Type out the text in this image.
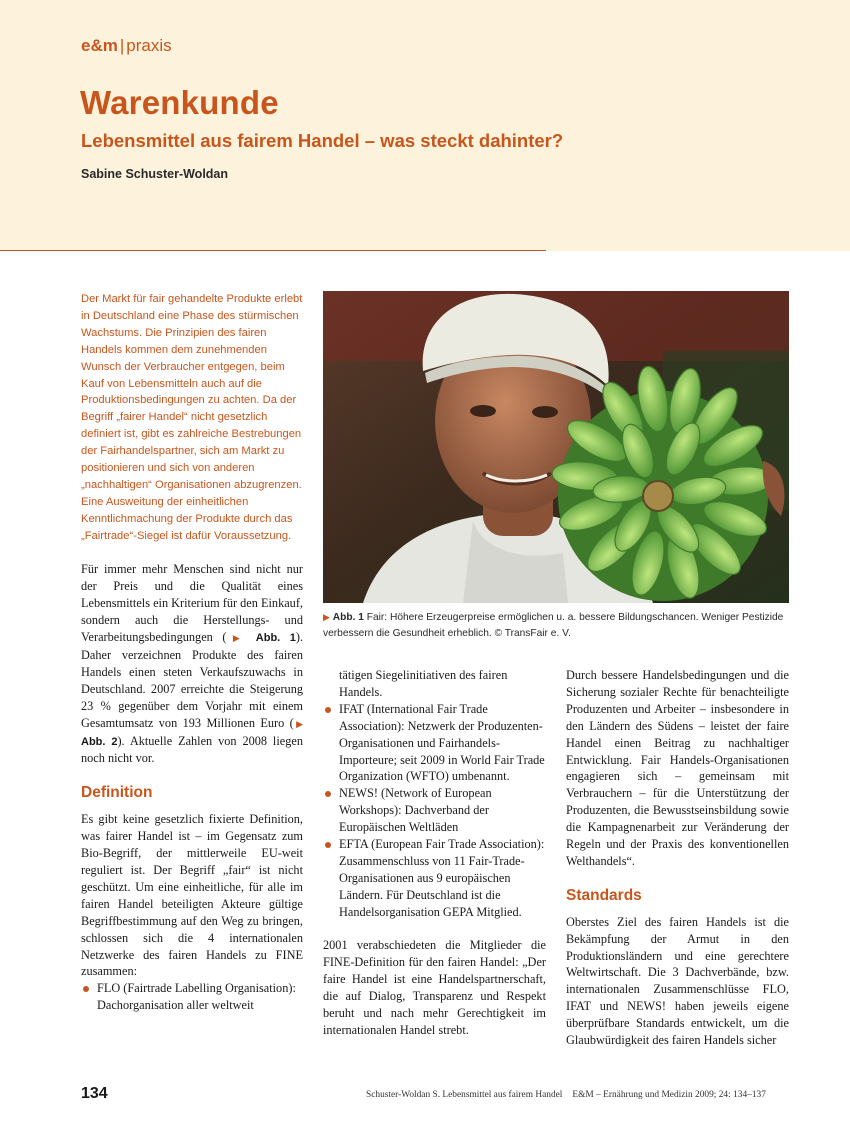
e&m | praxis
Warenkunde
Lebensmittel aus fairem Handel – was steckt dahinter?
Sabine Schuster-Woldan

Der Markt für fair gehandelte Produkte erlebt in Deutschland eine Phase des stürmischen Wachstums. Die Prinzipien des fairen Handels kommen dem zunehmenden Wunsch der Verbraucher entgegen, beim Kauf von Lebensmitteln auch auf die Produktionsbedingungen zu achten. Da der Begriff „fairer Handel“ nicht gesetzlich definiert ist, gibt es zahlreiche Bestrebungen der Fairhandelspartner, sich am Markt zu positionieren und sich von anderen „nachhaltigen“ Organisationen abzugrenzen. Eine Ausweitung der einheitlichen Kenntlichmachung der Produkte durch das „Fairtrade“-Siegel ist dafür Voraussetzung.

Für immer mehr Menschen sind nicht nur der Preis und die Qualität eines Lebensmittels ein Kriterium für den Einkauf, sondern auch die Herstellungs- und Verarbeitungsbedingungen (▶ Abb. 1). Daher verzeichnen Produkte des fairen Handels einen steten Verkaufszuwachs in Deutschland. 2007 erreichte die Steigerung 23 % gegenüber dem Vorjahr mit einem Gesamtumsatz von 193 Millionen Euro (▶ Abb. 2). Aktuelle Zahlen von 2008 liegen noch nicht vor.

Definition

Es gibt keine gesetzlich fixierte Definition, was fairer Handel ist – im Gegensatz zum Bio-Begriff, der mittlerweile EU-weit reguliert ist. Der Begriff „fair“ ist nicht geschützt. Um eine einheitliche, für alle im fairen Handel beteiligten Akteure gültige Begriffbestimmung auf den Weg zu bringen, schlossen sich die 4 internationalen Netzwerke des fairen Handels zu FINE zusammen:

FLO (Fairtrade Labelling Organisation): Dachorganisation aller weltweit
▶ Abb. 1 Fair: Höhere Erzeugerpreise ermöglichen u. a. bessere Bildungschancen. Weniger Pestizide verbessern die Gesundheit erheblich. © TransFair e. V.
tätigen Siegelinitiativen des fairen Handels.
IFAT (International Fair Trade Association): Netzwerk der Produzenten-Organisationen und Fairhandels-Importeure; seit 2009 in World Fair Trade Organization (WFTO) umbenannt.
NEWS! (Network of European Workshops): Dachverband der Europäischen Weltläden
EFTA (European Fair Trade Association): Zusammenschluss von 11 Fair-Trade-Organisationen aus 9 europäischen Ländern. Für Deutschland ist die Handelsorganisation GEPA Mitglied.

2001 verabschiedeten die Mitglieder die FINE-Definition für den fairen Handel: „Der faire Handel ist eine Handelspartnerschaft, die auf Dialog, Transparenz und Respekt beruht und nach mehr Gerechtigkeit im internationalen Handel strebt.

Durch bessere Handelsbedingungen und die Sicherung sozialer Rechte für benachteiligte Produzenten und Arbeiter – insbesondere in den Ländern des Südens – leistet der faire Handel einen Beitrag zu nachhaltiger Entwicklung. Fair Handels-Organisationen engagieren sich – gemeinsam mit Verbrauchern – für die Unterstützung der Produzenten, die Bewusstseinsbildung sowie die Kampagnenarbeit zur Veränderung der Regeln und der Praxis des konventionellen Welthandels“.

Standards

Oberstes Ziel des fairen Handels ist die Bekämpfung der Armut in den Produktionsländern und eine gerechtere Weltwirtschaft. Die 3 Dachverbände, bzw. internationalen Zusammenschlüsse FLO, IFAT und NEWS! haben jeweils eigene überprüfbare Standards entwickelt, um die Glaubwürdigkeit des fairen Handels sicher

134	Schuster-Woldan S. Lebensmittel aus fairem Handel E&M – Ernährung und Medizin 2009; 24: 134–137
